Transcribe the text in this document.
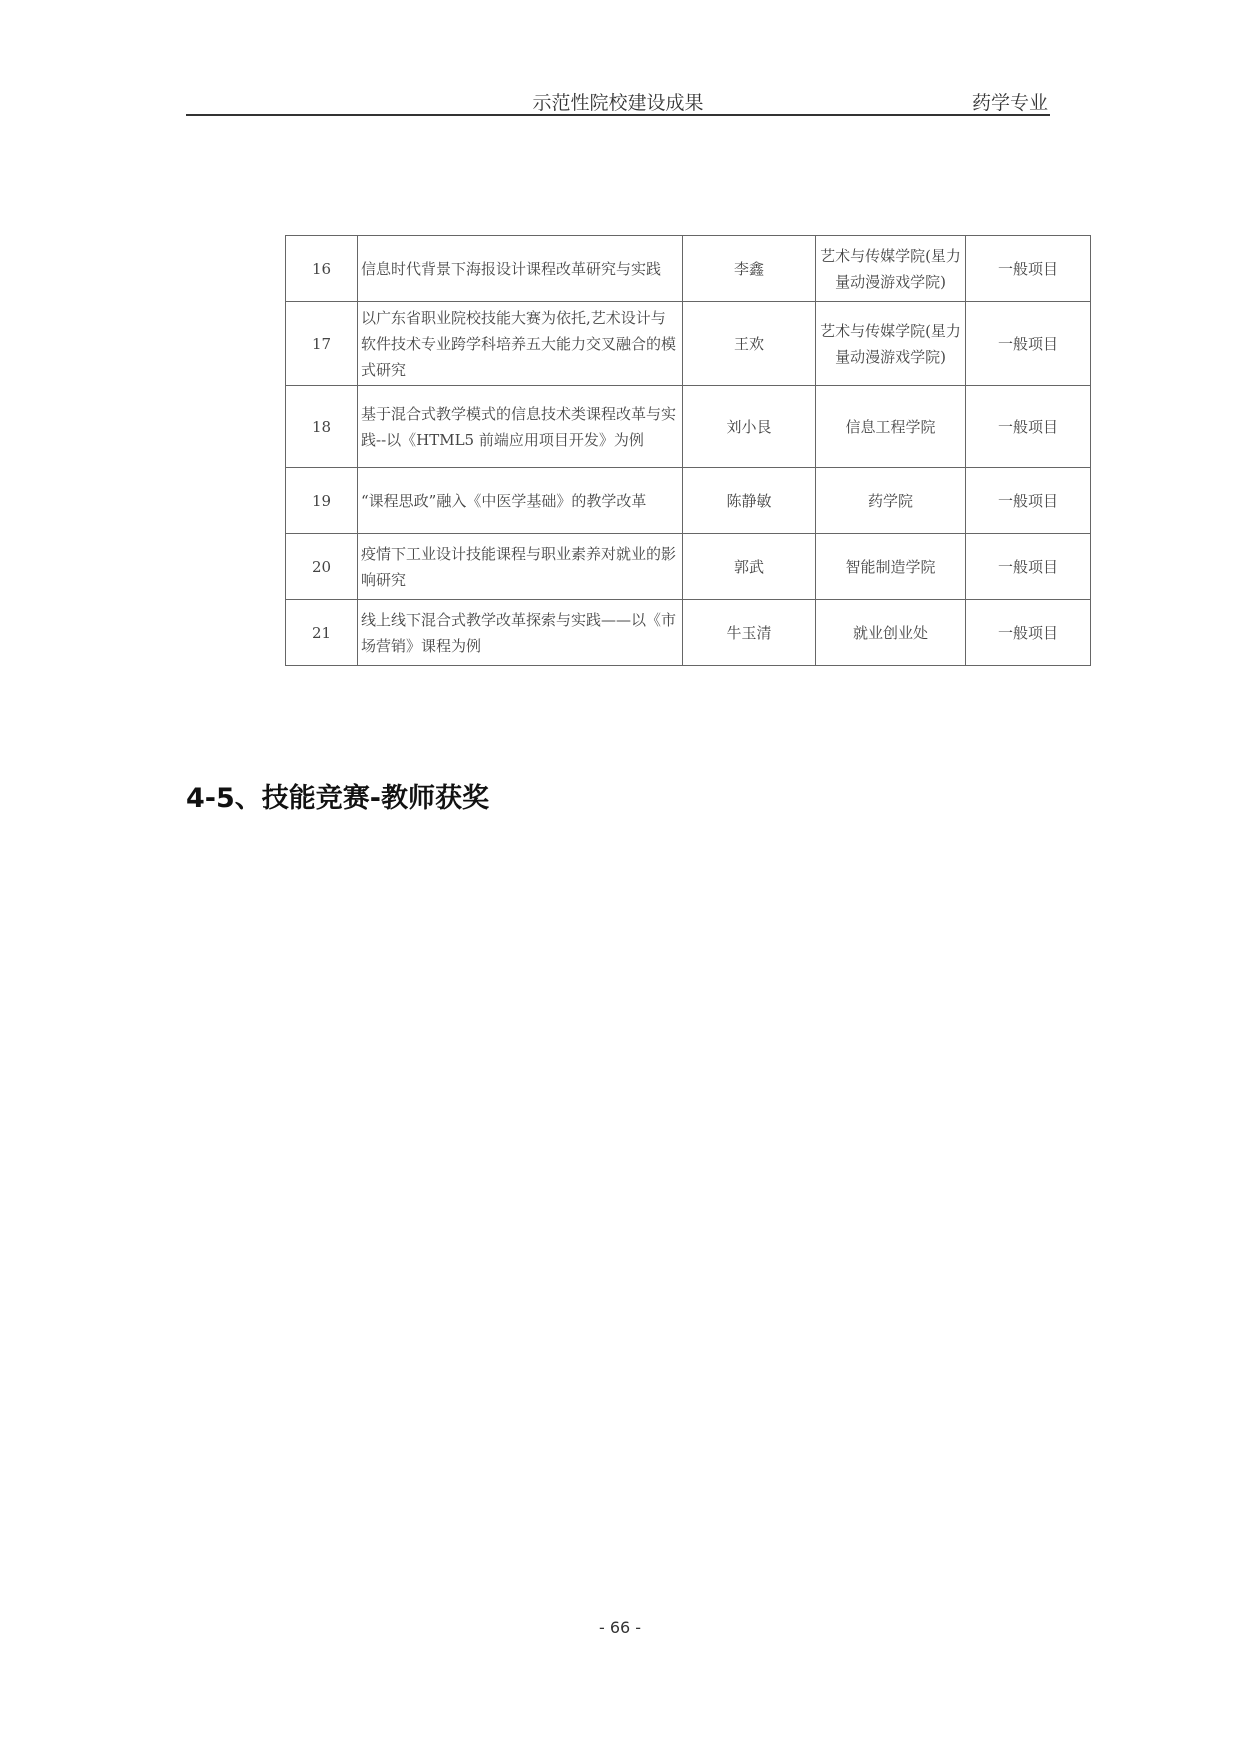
示范性院校建设成果	药学专业
16	信息时代背景下海报设计课程改革研究与实践	李鑫	艺术与传媒学院(星力量动漫游戏学院)	一般项目
17	以广东省职业院校技能大赛为依托,艺术设计与软件技术专业跨学科培养五大能力交叉融合的模式研究	王欢	艺术与传媒学院(星力量动漫游戏学院)	一般项目
18	基于混合式教学模式的信息技术类课程改革与实践--以《HTML5 前端应用项目开发》为例	刘小艮	信息工程学院	一般项目
19	“课程思政”融入《中医学基础》的教学改革	陈静敏	药学院	一般项目
20	疫情下工业设计技能课程与职业素养对就业的影响研究	郭武	智能制造学院	一般项目
21	线上线下混合式教学改革探索与实践——以《市场营销》课程为例	牛玉清	就业创业处	一般项目
4-5、技能竞赛-教师获奖
- 66 -
